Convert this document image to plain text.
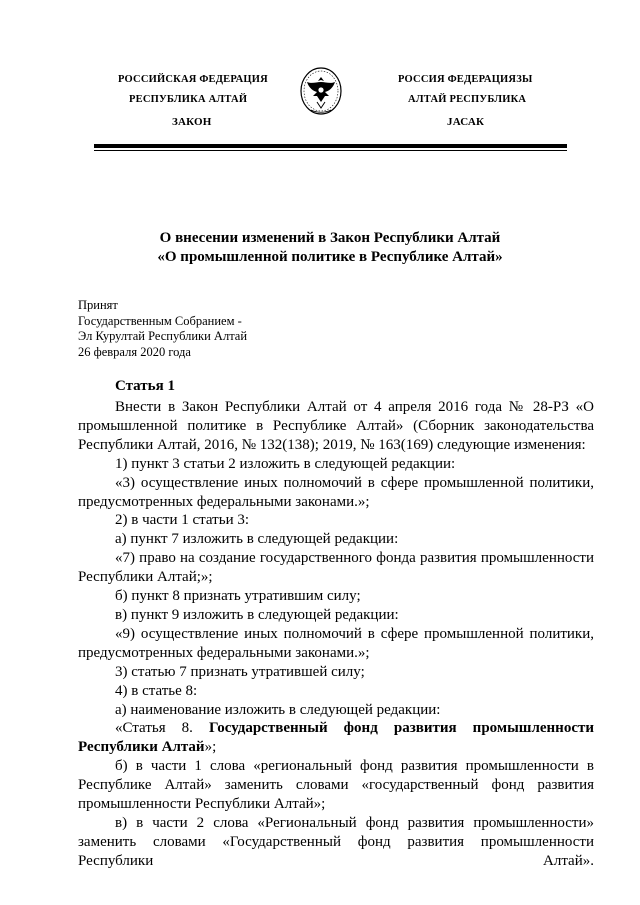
РОССИЙСКАЯ ФЕДЕРАЦИЯ
РЕСПУБЛИКА АЛТАЙ
ЗАКОН
РОССИЯ ФЕДЕРАЦИЯЗЫ
АЛТАЙ РЕСПУБЛИКА
JАСАК
О внесении изменений в Закон Республики Алтай
«О промышленной политике в Республике Алтай»
Принят
Государственным Собранием -
Эл Курултай Республики Алтай
26 февраля 2020 года
Статья 1

Внести в Закон Республики Алтай от 4 апреля 2016 года № 28-РЗ «О промышленной политике в Республике Алтай» (Сборник законодательства Республики Алтай, 2016, № 132(138); 2019, № 163(169) следующие изменения:

1) пункт 3 статьи 2 изложить в следующей редакции:

«3) осуществление иных полномочий в сфере промышленной политики, предусмотренных федеральными законами.»;

2) в части 1 статьи 3:

а) пункт 7 изложить в следующей редакции:

«7) право на создание государственного фонда развития промышленности Республики Алтай;»;

б) пункт 8 признать утратившим силу;

в) пункт 9 изложить в следующей редакции:

«9) осуществление иных полномочий в сфере промышленной политики, предусмотренных федеральными законами.»;

3) статью 7 признать утратившей силу;

4) в статье 8:

а) наименование изложить в следующей редакции:

«Статья 8. Государственный фонд развития промышленности Республики Алтай»;

б) в части 1 слова «региональный фонд развития промышленности в Республике Алтай» заменить словами «государственный фонд развития промышленности Республики Алтай»;

в) в части 2 слова «Региональный фонд развития промышленности» заменить словами «Государственный фонд развития промышленности Республики Алтай».
